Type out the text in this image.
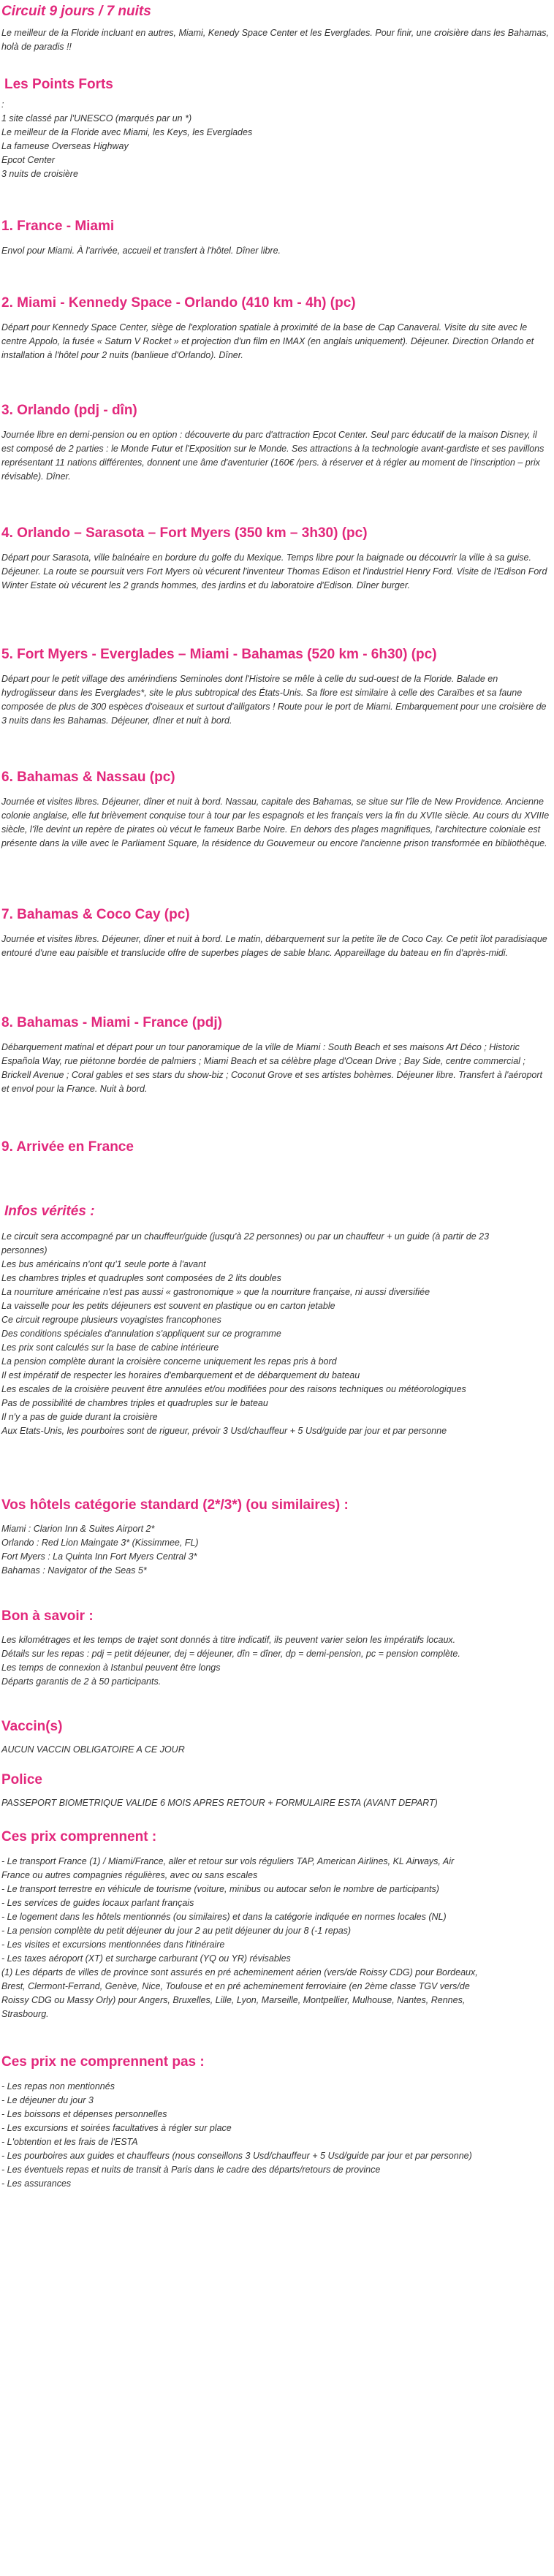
Circuit 9 jours / 7 nuits

Le meilleur de la Floride incluant en autres, Miami, Kenedy Space Center et les Everglades. Pour finir, une croisière dans les Bahamas, holà de paradis !!

Les Points Forts
:
1 site classé par l'UNESCO (marqués par un *)
Le meilleur de la Floride avec Miami, les Keys, les Everglades
La fameuse Overseas Highway
Epcot Center
3 nuits de croisière
1. France - Miami

Envol pour Miami. À l'arrivée, accueil et transfert à l'hôtel. Dîner libre.

2. Miami - Kennedy Space - Orlando (410 km - 4h) (pc)

Départ pour Kennedy Space Center, siège de l'exploration spatiale à proximité de la base de Cap Canaveral. Visite du site avec le centre Appolo, la fusée « Saturn V Rocket » et projection d'un film en IMAX (en anglais uniquement). Déjeuner. Direction Orlando et installation à l'hôtel pour 2 nuits (banlieue d'Orlando). Dîner.

3. Orlando (pdj - dîn)

Journée libre en demi-pension ou en option : découverte du parc d'attraction Epcot Center. Seul parc éducatif de la maison Disney, il est composé de 2 parties : le Monde Futur et l'Exposition sur le Monde. Ses attractions à la technologie avant-gardiste et ses pavillons représentant 11 nations différentes, donnent une âme d'aventurier (160€ /pers. à réserver et à régler au moment de l'inscription – prix révisable). Dîner.

4. Orlando – Sarasota – Fort Myers (350 km – 3h30) (pc)

Départ pour Sarasota, ville balnéaire en bordure du golfe du Mexique. Temps libre pour la baignade ou découvrir la ville à sa guise. Déjeuner. La route se poursuit vers Fort Myers où vécurent l'inventeur Thomas Edison et l'industriel Henry Ford. Visite de l'Edison Ford Winter Estate où vécurent les 2 grands hommes, des jardins et du laboratoire d'Edison. Dîner burger.

5. Fort Myers - Everglades – Miami - Bahamas (520 km - 6h30) (pc)

Départ pour le petit village des amérindiens Seminoles dont l'Histoire se mêle à celle du sud-ouest de la Floride. Balade en hydroglisseur dans les Everglades*, site le plus subtropical des États-Unis. Sa flore est similaire à celle des Caraïbes et sa faune composée de plus de 300 espèces d'oiseaux et surtout d'alligators ! Route pour le port de Miami. Embarquement pour une croisière de 3 nuits dans les Bahamas. Déjeuner, dîner et nuit à bord.

6. Bahamas & Nassau (pc)

Journée et visites libres. Déjeuner, dîner et nuit à bord. Nassau, capitale des Bahamas, se situe sur l'île de New Providence. Ancienne colonie anglaise, elle fut brièvement conquise tour à tour par les espagnols et les français vers la fin du XVIIe siècle. Au cours du XVIIIe siècle, l'île devint un repère de pirates où vécut le fameux Barbe Noire. En dehors des plages magnifiques, l'architecture coloniale est présente dans la ville avec le Parliament Square, la résidence du Gouverneur ou encore l'ancienne prison transformée en bibliothèque.

7. Bahamas & Coco Cay (pc)

Journée et visites libres. Déjeuner, dîner et nuit à bord. Le matin, débarquement sur la petite île de Coco Cay. Ce petit îlot paradisiaque entouré d'une eau paisible et translucide offre de superbes plages de sable blanc. Appareillage du bateau en fin d'après-midi.

8. Bahamas - Miami - France (pdj)

Débarquement matinal et départ pour un tour panoramique de la ville de Miami : South Beach et ses maisons Art Déco ; Historic Española Way, rue piétonne bordée de palmiers ; Miami Beach et sa célèbre plage d'Ocean Drive ; Bay Side, centre commercial ; Brickell Avenue ; Coral gables et ses stars du show-biz ; Coconut Grove et ses artistes bohèmes. Déjeuner libre. Transfert à l'aéroport et envol pour la France. Nuit à bord.

9. Arrivée en France
Infos vérités :
Le circuit sera accompagné par un chauffeur/guide (jusqu'à 22 personnes) ou par un chauffeur + un guide (à partir de 23
personnes)
Les bus américains n'ont qu'1 seule porte à l'avant
Les chambres triples et quadruples sont composées de 2 lits doubles
La nourriture américaine n'est pas aussi « gastronomique » que la nourriture française, ni aussi diversifiée
La vaisselle pour les petits déjeuners est souvent en plastique ou en carton jetable
Ce circuit regroupe plusieurs voyagistes francophones
Des conditions spéciales d'annulation s'appliquent sur ce programme
Les prix sont calculés sur la base de cabine intérieure
La pension complète durant la croisière concerne uniquement les repas pris à bord
Il est impératif de respecter les horaires d'embarquement et de débarquement du bateau
Les escales de la croisière peuvent être annulées et/ou modifiées pour des raisons techniques ou météorologiques
Pas de possibilité de chambres triples et quadruples sur le bateau
Il n'y a pas de guide durant la croisière
Aux Etats-Unis, les pourboires sont de rigueur, prévoir 3 Usd/chauffeur + 5 Usd/guide par jour et par personne
Vos hôtels catégorie standard (2*/3*) (ou similaires) :
Miami : Clarion Inn & Suites Airport 2*
Orlando : Red Lion Maingate 3* (Kissimmee, FL)
Fort Myers : La Quinta Inn Fort Myers Central 3*
Bahamas : Navigator of the Seas 5*
Bon à savoir :
Les kilométrages et les temps de trajet sont donnés à titre indicatif, ils peuvent varier selon les impératifs locaux.
Détails sur les repas : pdj = petit déjeuner, dej = déjeuner, dîn = dîner, dp = demi-pension, pc = pension complète.
Les temps de connexion à Istanbul peuvent être longs
Départs garantis de 2 à 50 participants.
Vaccin(s)

AUCUN VACCIN OBLIGATOIRE A CE JOUR

Police

PASSEPORT BIOMETRIQUE VALIDE 6 MOIS APRES RETOUR + FORMULAIRE ESTA (AVANT DEPART)

Ces prix comprennent :
- Le transport France (1) / Miami/France, aller et retour sur vols réguliers TAP, American Airlines, KL Airways, Air
France ou autres compagnies régulières, avec ou sans escales
- Le transport terrestre en véhicule de tourisme (voiture, minibus ou autocar selon le nombre de participants)
- Les services de guides locaux parlant français
- Le logement dans les hôtels mentionnés (ou similaires) et dans la catégorie indiquée en normes locales (NL)
- La pension complète du petit déjeuner du jour 2 au petit déjeuner du jour 8 (-1 repas)
- Les visites et excursions mentionnées dans l'itinéraire
- Les taxes aéroport (XT) et surcharge carburant (YQ ou YR) révisables
(1) Les départs de villes de province sont assurés en pré acheminement aérien (vers/de Roissy CDG) pour Bordeaux,
Brest, Clermont-Ferrand, Genève, Nice, Toulouse et en pré acheminement ferroviaire (en 2ème classe TGV vers/de
Roissy CDG ou Massy Orly) pour Angers, Bruxelles, Lille, Lyon, Marseille, Montpellier, Mulhouse, Nantes, Rennes,
Strasbourg.
Ces prix ne comprennent pas :
- Les repas non mentionnés
- Le déjeuner du jour 3
- Les boissons et dépenses personnelles
- Les excursions et soirées facultatives à régler sur place
- L'obtention et les frais de l'ESTA
- Les pourboires aux guides et chauffeurs (nous conseillons 3 Usd/chauffeur + 5 Usd/guide par jour et par personne)
- Les éventuels repas et nuits de transit à Paris dans le cadre des départs/retours de province
- Les assurances
